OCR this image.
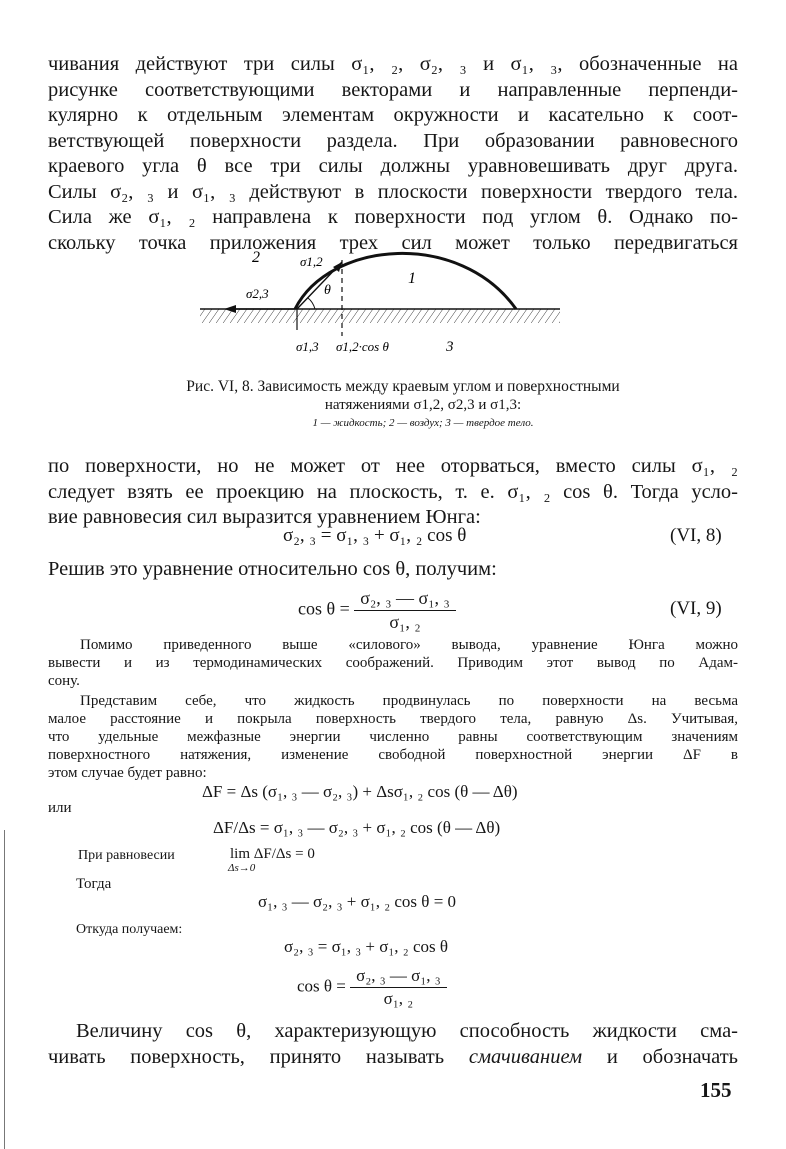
чивания действуют три силы σ₁, ₂, σ₂, ₃ и σ₁, ₃, обозначенные на
рисунке соответствующими векторами и направленные перпенди-
кулярно к отдельным элементам окружности и касательно к соот-
ветствующей поверхности раздела. При образовании равновесного
краевого угла θ все три силы должны уравновешивать друг друга.
Силы σ₂, ₃ и σ₁, ₃ действуют в плоскости поверхности твердого тела.
Сила же σ₁, ₂ направлена к поверхности под углом θ. Однако по-
скольку точка приложения трех сил может только передвигаться
2
1
3
σ1,2
σ2,3
σ1,3 σ1,2·cos θ
θ

Рис. VI, 8. Зависимость между краевым углом и поверхностными

натяжениями σ1,2, σ2,3 и σ1,3:

1 — жидкость; 2 — воздух; 3 — твердое тело.

по поверхности, но не может от нее оторваться, вместо силы σ₁, ₂
следует взять ее проекцию на плоскость, т. е. σ₁, ₂ cos θ. Тогда усло-
вие равновесия сил выразится уравнением Юнга:
σ₂, ₃ = σ₁, ₃ + σ₁, ₂ cos θ	(VI, 8)
Решив это уравнение относительно cos θ, получим:
$\cos \theta = \frac{\text{σ₂, ₃ — σ₁, ₃}}{\text{σ₁, ₂}}$	(VI, 9)
Помимо приведенного выше «силового» вывода, уравнение Юнга можно
вывести и из термодинамических соображений. Приводим этот вывод по Адам-
сону.
Представим себе, что жидкость продвинулась по поверхности на весьма
малое расстояние и покрыла поверхность твердого тела, равную Δs. Учитывая,
что удельные межфазные энергии численно равны соответствующим значениям
поверхностного натяжения, изменение свободной поверхностной энергии ΔF в
этом случае будет равно:
ΔF = Δs (σ₁, ₃ — σ₂, ₃) + Δsσ₁, ₂ cos (θ — Δθ)
или
ΔF/Δs = σ₁, ₃ — σ₂, ₃ + σ₁, ₂ cos (θ — Δθ)
При равновесии	lim ΔF/Δs = 0
Δs→0
Тогда
σ₁, ₃ — σ₂, ₃ + σ₁, ₂ cos θ = 0
Откуда получаем:
σ₂, ₃ = σ₁, ₃ + σ₁, ₂ cos θ
$\cos \theta = \frac{\text{σ₂, ₃ — σ₁, ₃}}{\text{σ₁, ₂}}$
Величину cos θ, характеризующую способность жидкости сма-
чивать поверхность, принято называть смачиванием и обозначать
155
